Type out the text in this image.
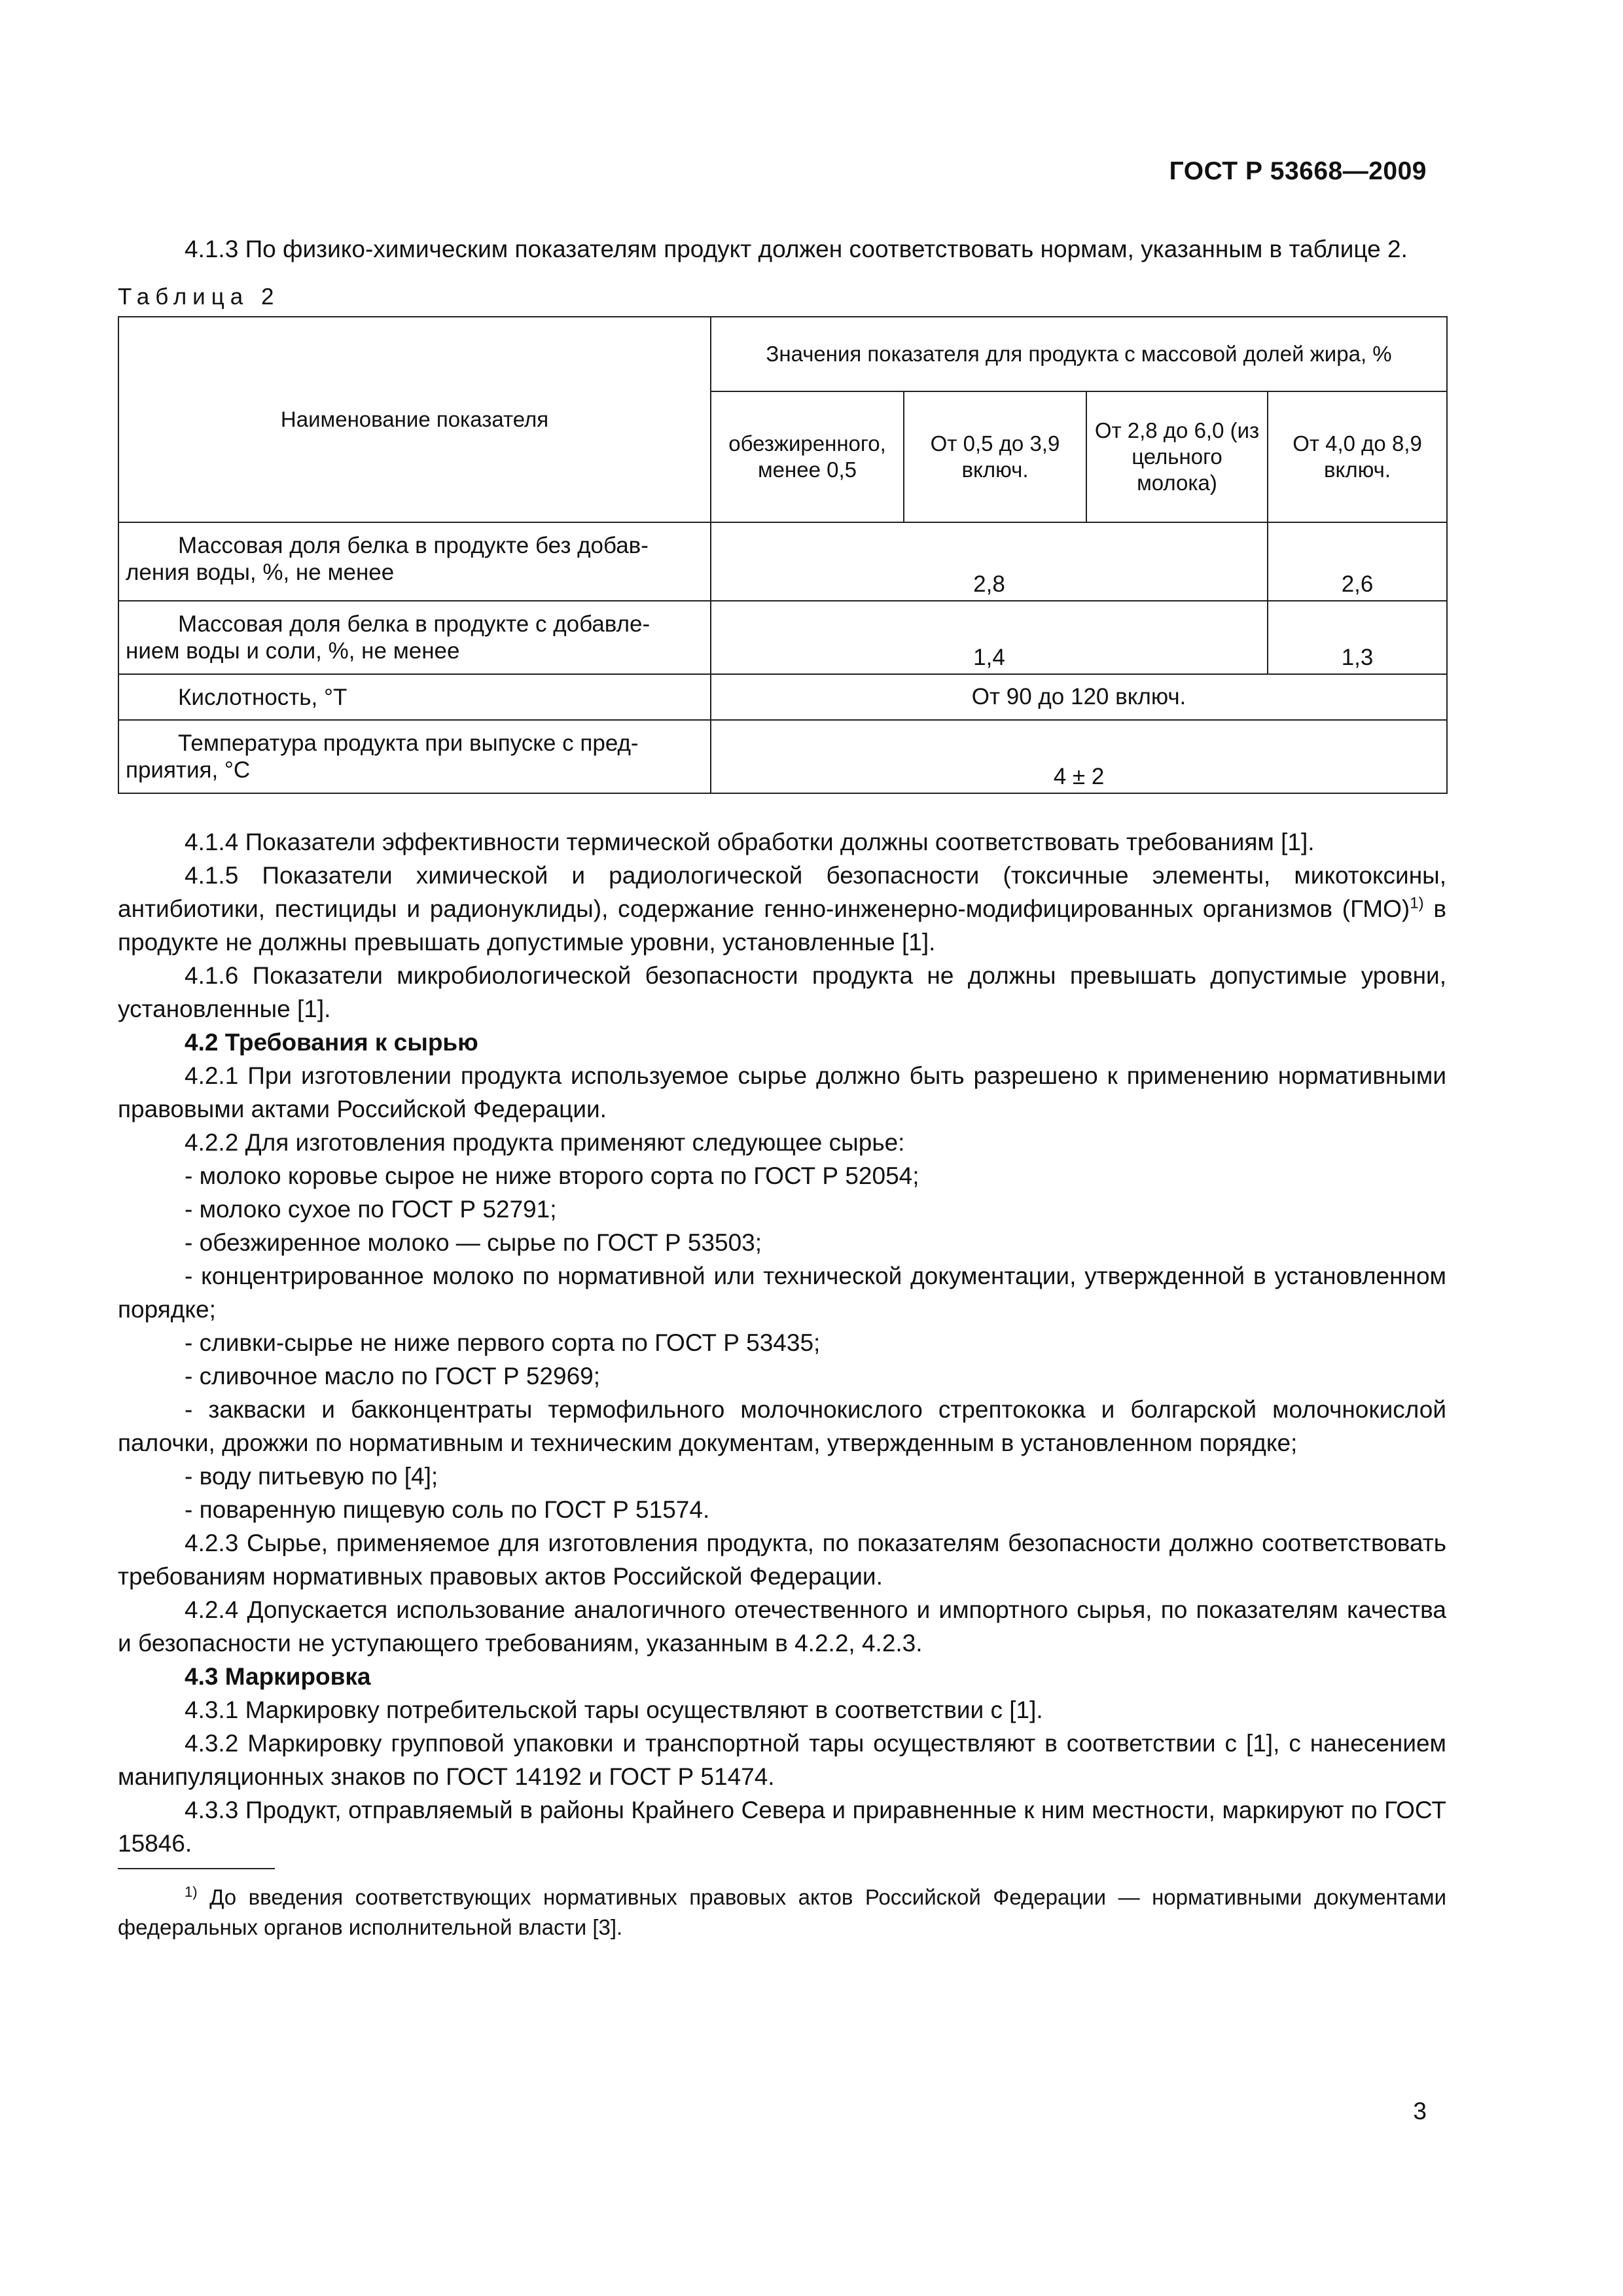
ГОСТ Р 53668—2009

4.1.3 По физико-химическим показателям продукт должен соответствовать нормам, указанным в таблице 2.

Таблица 2
Наименование показателя	Значения показателя для продукта с массовой долей жира, %			
	обезжиренного, менее 0,5	От 0,5 до 3,9 включ.	От 2,8 до 6,0 (из цельного молока)	От 4,0 до 8,9 включ.

Массовая доля белка в продукте без добав-
ления воды, %, не менее	2,8			2,6

Массовая доля белка в продукте с добавле-
нием воды и соли, %, не менее	1,4			1,3

Кислотность, °Т	От 90 до 120 включ.			

Температура продукта при выпуске с пред-
приятия, °С	4 ± 2			

4.1.4 Показатели эффективности термической обработки должны соответствовать требованиям [1].

4.1.5 Показатели химической и радиологической безопасности (токсичные элементы, микотоксины, антибиотики, пестициды и радионуклиды), содержание генно-инженерно-модифицированных организмов (ГМО)$^{1)}$ в продукте не должны превышать допустимые уровни, установленные [1].

4.1.6 Показатели микробиологической безопасности продукта не должны превышать допустимые уровни, установленные [1].

4.2 Требования к сырью

4.2.1 При изготовлении продукта используемое сырье должно быть разрешено к применению нормативными правовыми актами Российской Федерации.

4.2.2 Для изготовления продукта применяют следующее сырье:

- молоко коровье сырое не ниже второго сорта по ГОСТ Р 52054;

- молоко сухое по ГОСТ Р 52791;

- обезжиренное молоко — сырье по ГОСТ Р 53503;

- концентрированное молоко по нормативной или технической документации, утвержденной в установленном порядке;

- сливки-сырье не ниже первого сорта по ГОСТ Р 53435;

- сливочное масло по ГОСТ Р 52969;

- закваски и бакконцентраты термофильного молочнокислого стрептококка и болгарской молочнокислой палочки, дрожжи по нормативным и техническим документам, утвержденным в установленном порядке;

- воду питьевую по [4];

- поваренную пищевую соль по ГОСТ Р 51574.

4.2.3 Сырье, применяемое для изготовления продукта, по показателям безопасности должно соответствовать требованиям нормативных правовых актов Российской Федерации.

4.2.4 Допускается использование аналогичного отечественного и импортного сырья, по показателям качества и безопасности не уступающего требованиям, указанным в 4.2.2, 4.2.3.

4.3 Маркировка

4.3.1 Маркировку потребительской тары осуществляют в соответствии с [1].

4.3.2 Маркировку групповой упаковки и транспортной тары осуществляют в соответствии с [1], с нанесением манипуляционных знаков по ГОСТ 14192 и ГОСТ Р 51474.

4.3.3 Продукт, отправляемый в районы Крайнего Севера и приравненные к ним местности, маркируют по ГОСТ 15846.

$^{1)}$ До введения соответствующих нормативных правовых актов Российской Федерации — нормативными документами федеральных органов исполнительной власти [3].

3
